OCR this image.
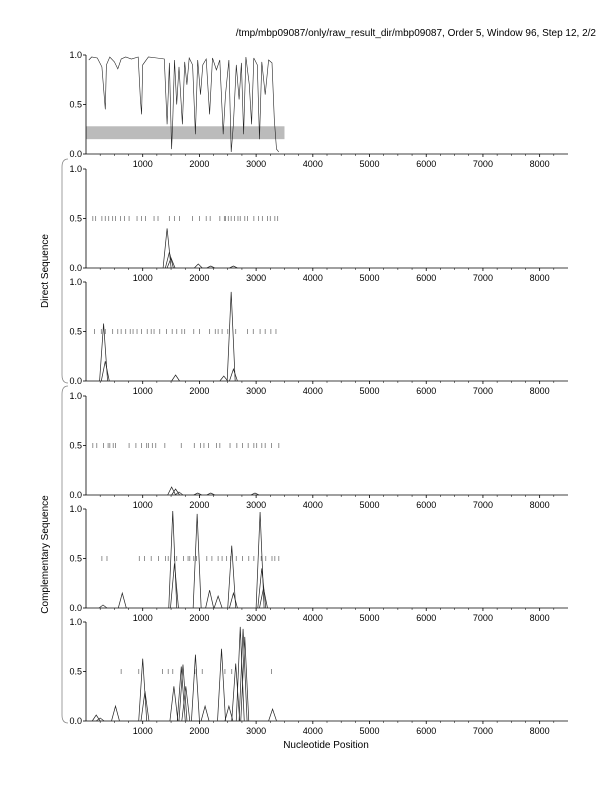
/tmp/mbp09087/only/raw_result_dir/mbp09087, Order 5, Window 96, Step 12, 2/2
0.0
0.5
1.0
1000	2000	3000	4000	5000	6000	7000	8000
0.0
0.5
1.0
1000	2000	3000	4000	5000	6000	7000	8000
0.0
0.5
1.0
1000	2000	3000	4000	5000	6000	7000	8000
0.0
0.5
1.0
1000	2000	3000	4000	5000	6000	7000	8000
0.0
0.5
1.0
1000	2000	3000	4000	5000	6000	7000	8000
0.0
0.5
1.0
1000	2000	3000	4000	5000	6000	7000	8000
Direct Sequence
Complementary Sequence
Nucleotide Position
